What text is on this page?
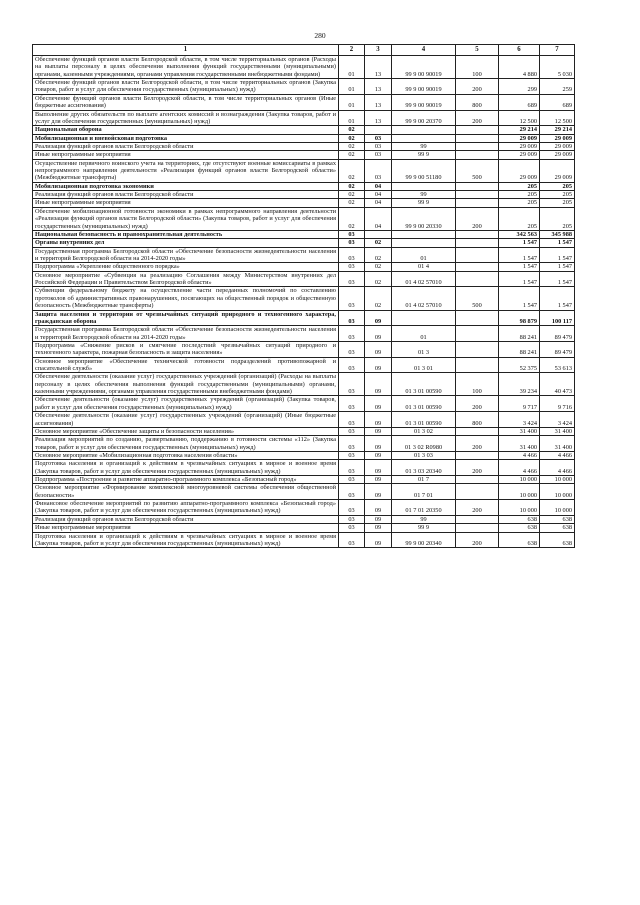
280
1	2	3	4	5	6	7
Обеспечение функций органов власти Белгородской области, в том числе территориальных органов (Расходы на выплаты персоналу в целях обеспечения выполнения функций государственными (муниципальными) органами, казенными учреждениями, органами управления государственными внебюджетными фондами)	01	13	99 9 00 90019	100	4 880	5 030
Обеспечение функций органов власти Белгородской области, в том числе территориальных органов (Закупка товаров, работ и услуг для обеспечения государственных (муниципальных) нужд)	01	13	99 9 00 90019	200	299	259
Обеспечение функций органов власти Белгородской области, в том числе территориальных органов (Иные бюджетные ассигнования)	01	13	99 9 00 90019	800	689	689
Выполнение других обязательств по выплате агентских комиссий и вознаграждения (Закупка товаров, работ и услуг для обеспечения государственных (муниципальных) нужд)	01	13	99 9 00 20370	200	12 500	12 500
Национальная оборона	02				29 214	29 214
Мобилизационная и вневойсковая подготовка	02	03			29 009	29 009
Реализация функций органов власти Белгородской области	02	03	99		29 009	29 009
Иные непрограммные мероприятия	02	03	99 9		29 009	29 009
Осуществление первичного воинского учета на территориях, где отсутствуют военные комиссариаты в рамках непрограммного направления деятельности «Реализация функций органов власти Белгородской области» (Межбюджетные трансферты)	02	03	99 9 00 51180	500	29 009	29 009
Мобилизационная подготовка экономики	02	04			205	205
Реализация функций органов власти Белгородской области	02	04	99		205	205
Иные непрограммные мероприятия	02	04	99 9		205	205
Обеспечение мобилизационной готовности экономики в рамках непрограммного направления деятельности «Реализация функций органов власти Белгородской области» (Закупка товаров, работ и услуг для обеспечения государственных (муниципальных) нужд)	02	04	99 9 00 20330	200	205	205
Национальная безопасность и правоохранительная деятельность	03				342 563	345 988
Органы внутренних дел	03	02			1 547	1 547
Государственная программа Белгородской области «Обеспечение безопасности жизнедеятельности населения и территорий Белгородской области на 2014-2020 годы»	03	02	01		1 547	1 547
Подпрограмма «Укрепление общественного порядка»	03	02	01 4		1 547	1 547
Основное мероприятие «Субвенция на реализацию Соглашения между Министерством внутренних дел Российской Федерации и Правительством Белгородской области»	03	02	01 4 02 57010		1 547	1 547
Субвенции федеральному бюджету на осуществление части переданных полномочий по составлению протоколов об административных правонарушениях, посягающих на общественный порядок и общественную безопасность (Межбюджетные трансферты)	03	02	01 4 02 57010	500	1 547	1 547
Защита населения и территории от чрезвычайных ситуаций природного и техногенного характера, гражданская оборона	03	09			98 879	100 117
Государственная программа Белгородской области «Обеспечение безопасности жизнедеятельности населения и территорий Белгородской области на 2014-2020 годы»	03	09	01		88 241	89 479
Подпрограмма «Снижение рисков и смягчение последствий чрезвычайных ситуаций природного и техногенного характера, пожарная безопасность и защита населения»	03	09	01 3		88 241	89 479
Основное мероприятие «Обеспечение технической готовности подразделений противопожарной и спасательной служб»	03	09	01 3 01		52 375	53 613
Обеспечение деятельности (оказание услуг) государственных учреждений (организаций) (Расходы на выплаты персоналу в целях обеспечения выполнения функций государственными (муниципальными) органами, казенными учреждениями, органами управления государственными внебюджетными фондами)	03	09	01 3 01 00590	100	39 234	40 473
Обеспечение деятельности (оказание услуг) государственных учреждений (организаций) (Закупка товаров, работ и услуг для обеспечения государственных (муниципальных) нужд)	03	09	01 3 01 00590	200	9 717	9 716
Обеспечение деятельности (оказание услуг) государственных учреждений (организаций) (Иные бюджетные ассигнования)	03	09	01 3 01 00590	800	3 424	3 424
Основное мероприятие «Обеспечение защиты и безопасности населения»	03	09	01 3 02		31 400	31 400
Реализация мероприятий по созданию, развертыванию, поддержанию в готовности системы «112» (Закупка товаров, работ и услуг для обеспечения государственных (муниципальных) нужд)	03	09	01 3 02 R0980	200	31 400	31 400
Основное мероприятие «Мобилизационная подготовка населения области»	03	09	01 3 03		4 466	4 466
Подготовка населения и организаций к действиям в чрезвычайных ситуациях в мирное и военное время (Закупка товаров, работ и услуг для обеспечения государственных (муниципальных) нужд)	03	09	01 3 03 20340	200	4 466	4 466
Подпрограмма «Построение и развитие аппаратно-программного комплекса «Безопасный город»	03	09	01 7		10 000	10 000
Основное мероприятие «Формирование комплексной многоуровневой системы обеспечения общественной безопасности»	03	09	01 7 01		10 000	10 000
Финансовое обеспечение мероприятий по развитию аппаратно-программного комплекса «Безопасный город» (Закупка товаров, работ и услуг для обеспечения государственных (муниципальных) нужд)	03	09	01 7 01 20350	200	10 000	10 000
Реализация функций органов власти Белгородской области	03	09	99		638	638
Иные непрограммные мероприятия	03	09	99 9		638	638
Подготовка населения и организаций к действиям в чрезвычайных ситуациях в мирное и военное время (Закупка товаров, работ и услуг для обеспечения государственных (муниципальных) нужд)	03	09	99 9 00 20340	200	638	638
